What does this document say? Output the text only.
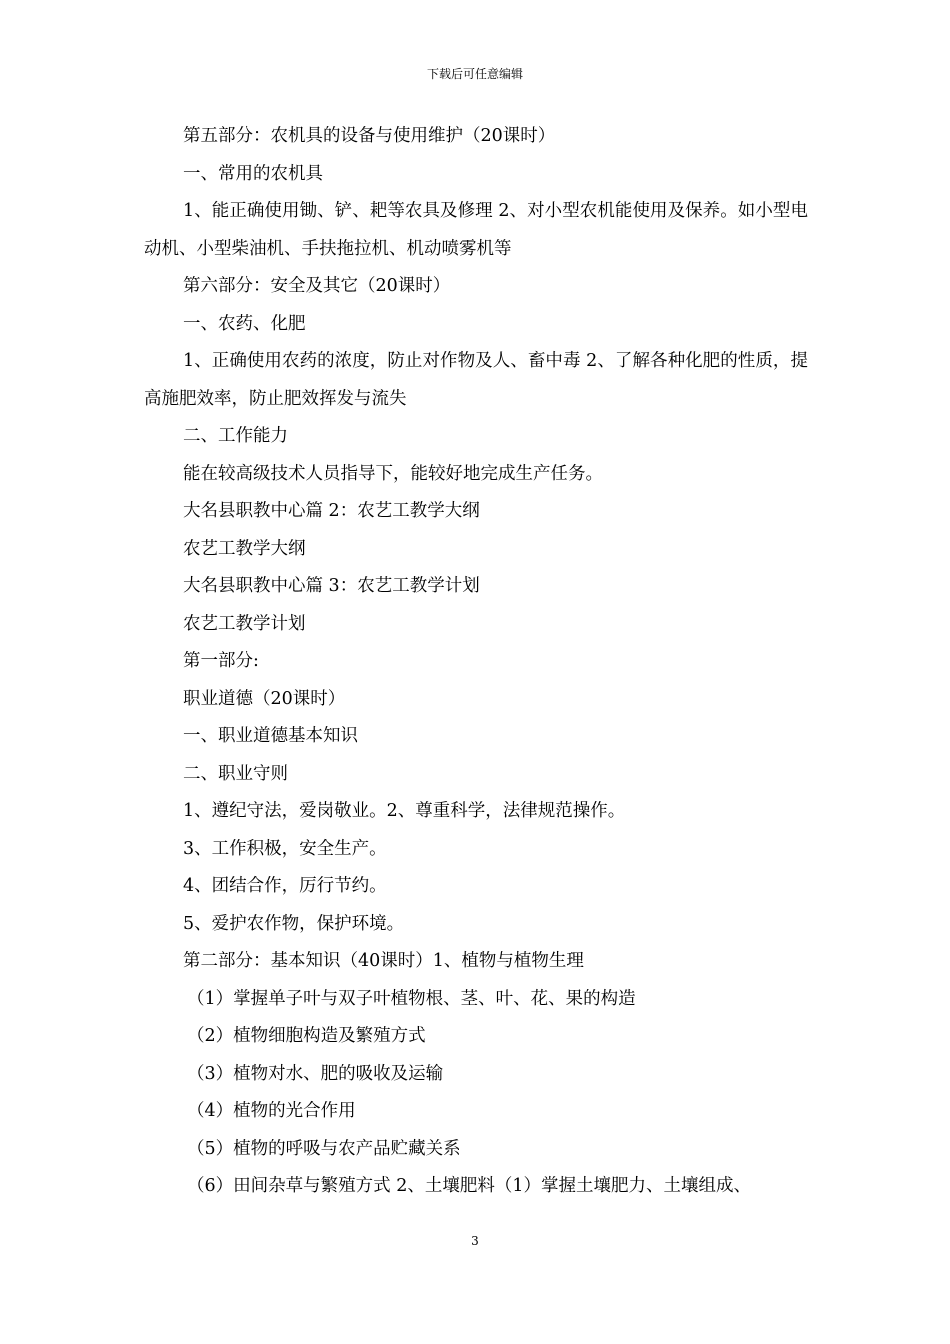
下载后可任意编辑

第五部分：农机具的设备与使用维护（20课时）

一、常用的农机具

1、能正确使用锄、铲、耙等农具及修理 2、对小型农机能使用及保养。如小型电动机、小型柴油机、手扶拖拉机、机动喷雾机等

第六部分：安全及其它（20课时）

一、农药、化肥

1、正确使用农药的浓度，防止对作物及人、畜中毒 2、了解各种化肥的性质，提高施肥效率，防止肥效挥发与流失

二、工作能力

能在较高级技术人员指导下，能较好地完成生产任务。

大名县职教中心篇 2：农艺工教学大纲

农艺工教学大纲

大名县职教中心篇 3：农艺工教学计划

农艺工教学计划

第一部分:

职业道德（20课时）

一、职业道德基本知识

二、职业守则

1、遵纪守法，爱岗敬业。2、尊重科学，法律规范操作。

3、工作积极，安全生产。

4、团结合作，厉行节约。

5、爱护农作物，保护环境。

第二部分：基本知识（40课时）1、植物与植物生理

（1）掌握单子叶与双子叶植物根、茎、叶、花、果的构造

（2）植物细胞构造及繁殖方式

（3）植物对水、肥的吸收及运输

（4）植物的光合作用

（5）植物的呼吸与农产品贮藏关系

（6）田间杂草与繁殖方式 2、土壤肥料（1）掌握土壤肥力、土壤组成、

3
